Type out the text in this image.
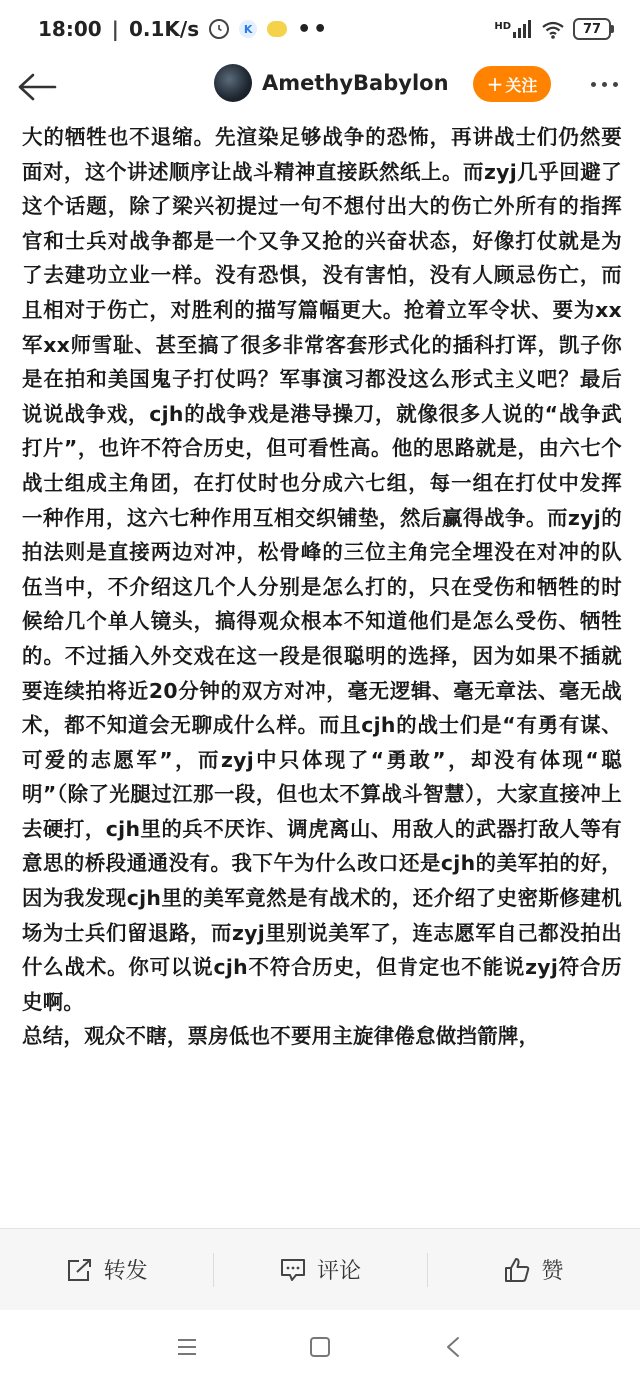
18:00 | 0.1K/s	K ••	HD	77
AmethyBabylon + 关注

大的牺牲也不退缩。先渲染足够战争的恐怖，再讲战士们仍然要面对，这个讲述顺序让战斗精神直接跃然纸上。而zyj几乎回避了这个话题，除了梁兴初提过一句不想付出大的伤亡外所有的指挥官和士兵对战争都是一个又争又抢的兴奋状态，好像打仗就是为了去建功立业一样。没有恐惧，没有害怕，没有人顾忌伤亡，而且相对于伤亡，对胜利的描写篇幅更大。抢着立军令状、要为xx军xx师雪耻、甚至搞了很多非常客套形式化的插科打诨，凯子你是在拍和美国鬼子打仗吗？军事演习都没这么形式主义吧？最后说说战争戏，cjh的战争戏是港导操刀，就像很多人说的“战争武打片”，也许不符合历史，但可看性高。他的思路就是，由六七个战士组成主角团，在打仗时也分成六七组，每一组在打仗中发挥一种作用，这六七种作用互相交织铺垫，然后赢得战争。而zyj的拍法则是直接两边对冲，松骨峰的三位主角完全埋没在对冲的队伍当中，不介绍这几个人分别是怎么打的，只在受伤和牺牲的时候给几个单人镜头，搞得观众根本不知道他们是怎么受伤、牺牲的。不过插入外交戏在这一段是很聪明的选择，因为如果不插就要连续拍将近20分钟的双方对冲，毫无逻辑、毫无章法、毫无战术，都不知道会无聊成什么样。而且cjh的战士们是“有勇有谋、可爱的志愿军”，而zyj中只体现了“勇敢”，却没有体现“聪明”（除了光腿过江那一段，但也太不算战斗智慧），大家直接冲上去硬打，cjh里的兵不厌诈、调虎离山、用敌人的武器打敌人等有意思的桥段通通没有。我下午为什么改口还是cjh的美军拍的好，因为我发现cjh里的美军竟然是有战术的，还介绍了史密斯修建机场为士兵们留退路，而zyj里别说美军了，连志愿军自己都没拍出什么战术。你可以说cjh不符合历史，但肯定也不能说zyj符合历史啊。

总结，观众不瞎，票房低也不要用主旋律倦怠做挡箭牌，

转发	评论	赞
